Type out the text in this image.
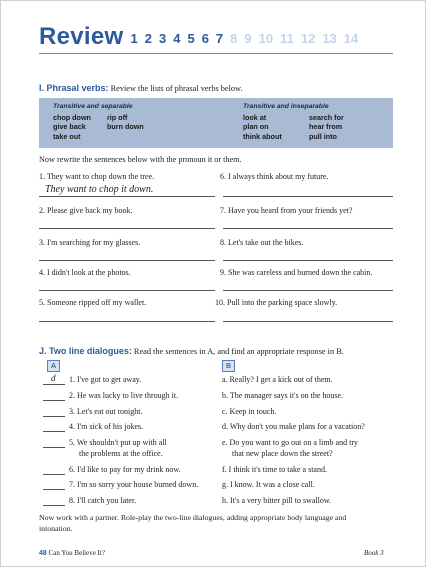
Review 1 2 3 4 5 6 7 8 9 10 11 12 13 14
I. Phrasal verbs: Review the lists of phrasal verbs below.
Transitive and separable
chop down	rip off
give back	burn down
take out
Transitive and inseparable
look at	search for
plan on	hear from
think about	pull into
Now rewrite the sentences below with the pronoun it or them.
1. They want to chop down the tree.
They want to chop it down.
2. Please give back my book.
3. I'm searching for my glasses.
4. I didn't look at the photos.
5. Someone ripped off my wallet.
6. I always think about my future.
7. Have you heard from your friends yet?
8. Let's take out the bikes.
9. She was careless and burned down the cabin.
10. Pull into the parking space slowly.
J. Two line dialogues: Read the sentences in A, and find an appropriate response in B.
A	B
d 1. I've got to get away.
2. He was lucky to live through it.
3. Let's eat out tonight.
4. I'm sick of his jokes.
5. We shouldn't put up with all
the problems at the office.
6. I'd like to pay for my drink now.
7. I'm so sorry your house burned down.
8. I'll catch you later.
a. Really? I get a kick out of them.
b. The manager says it's on the house.
c. Keep in touch.
d. Why don't you make plans for a vacation?
e. Do you want to go out on a limb and try
that new place down the street?
f. I think it's time to take a stand.
g. I know. It was a close call.
h. It's a very bitter pill to swallow.
Now work with a partner. Role-play the two-line dialogues, adding appropriate body language and
intonation.
48 Can You Believe It?	Book 3
